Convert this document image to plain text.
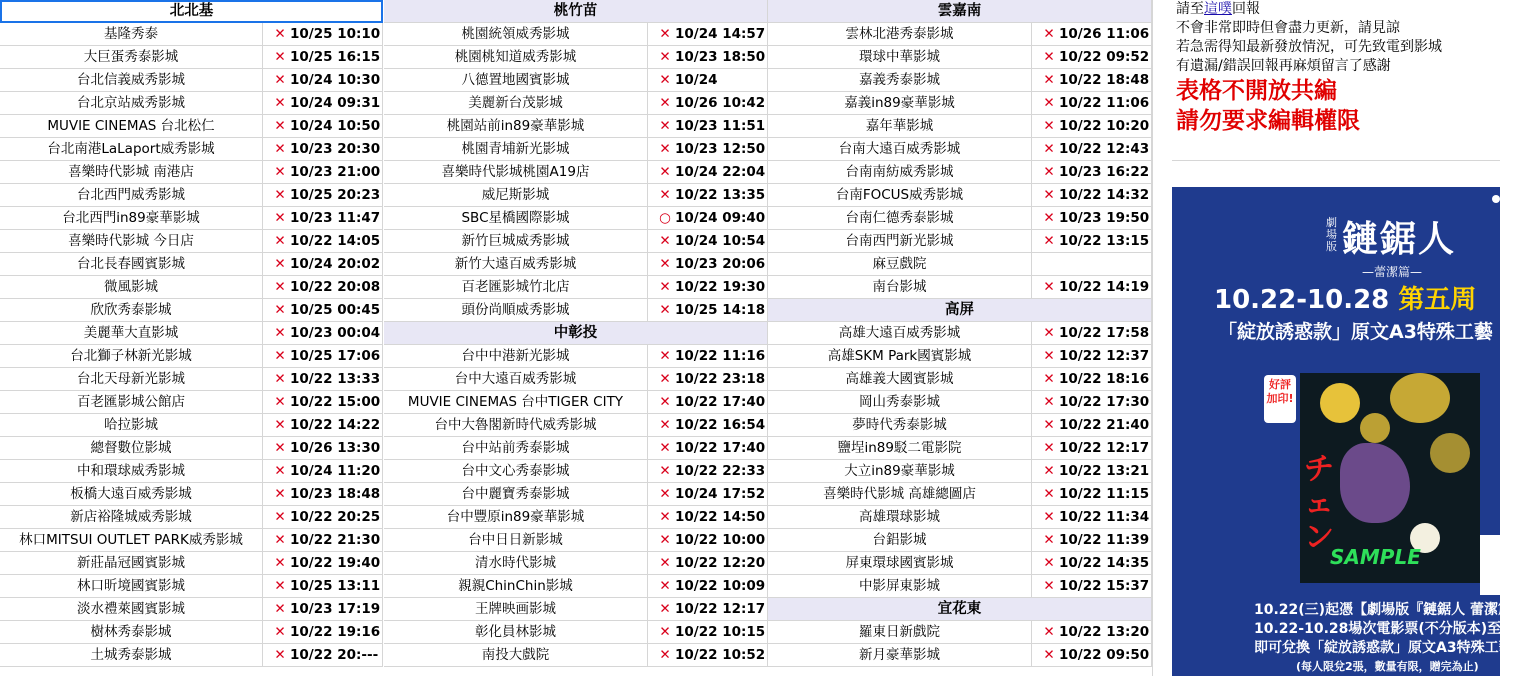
北北基
基隆秀泰	✕ 10/25 10:10
大巨蛋秀泰影城	✕ 10/25 16:15
台北信義威秀影城	✕ 10/24 10:30
台北京站威秀影城	✕ 10/24 09:31
MUVIE CINEMAS 台北松仁	✕ 10/24 10:50
台北南港LaLaport威秀影城	✕ 10/23 20:30
喜樂時代影城 南港店	✕ 10/23 21:00
台北西門威秀影城	✕ 10/25 20:23
台北西門in89豪華影城	✕ 10/23 11:47
喜樂時代影城 今日店	✕ 10/22 14:05
台北長春國賓影城	✕ 10/24 20:02
微風影城	✕ 10/22 20:08
欣欣秀泰影城	✕ 10/25 00:45
美麗華大直影城	✕ 10/23 00:04
台北獅子林新光影城	✕ 10/25 17:06
台北天母新光影城	✕ 10/22 13:33
百老匯影城公館店	✕ 10/22 15:00
哈拉影城	✕ 10/22 14:22
總督數位影城	✕ 10/26 13:30
中和環球威秀影城	✕ 10/24 11:20
板橋大遠百威秀影城	✕ 10/23 18:48
新店裕隆城威秀影城	✕ 10/22 20:25
林口MITSUI OUTLET PARK威秀影城	✕ 10/22 21:30
新莊晶冠國賓影城	✕ 10/22 19:40
林口昕境國賓影城	✕ 10/25 13:11
淡水禮萊國賓影城	✕ 10/23 17:19
樹林秀泰影城	✕ 10/22 19:16
土城秀泰影城	✕ 10/22 20:---
桃竹苗
桃園統領威秀影城	✕ 10/24 14:57
桃園桃知道威秀影城	✕ 10/23 18:50
八德置地國賓影城	✕ 10/24
美麗新台茂影城	✕ 10/26 10:42
桃園站前in89豪華影城	✕ 10/23 11:51
桃園青埔新光影城	✕ 10/23 12:50
喜樂時代影城桃園A19店	✕ 10/24 22:04
威尼斯影城	✕ 10/22 13:35
SBC星橋國際影城	○ 10/24 09:40
新竹巨城威秀影城	✕ 10/24 10:54
新竹大遠百威秀影城	✕ 10/23 20:06
百老匯影城竹北店	✕ 10/22 19:30
頭份尚順威秀影城	✕ 10/25 14:18
中彰投
台中中港新光影城	✕ 10/22 11:16
台中大遠百威秀影城	✕ 10/22 23:18
MUVIE CINEMAS 台中TIGER CITY	✕ 10/22 17:40
台中大魯閣新時代威秀影城	✕ 10/22 16:54
台中站前秀泰影城	✕ 10/22 17:40
台中文心秀泰影城	✕ 10/22 22:33
台中麗寶秀泰影城	✕ 10/24 17:52
台中豐原in89豪華影城	✕ 10/22 14:50
台中日日新影城	✕ 10/22 10:00
清水時代影城	✕ 10/22 12:20
親親ChinChin影城	✕ 10/22 10:09
王牌映画影城	✕ 10/22 12:17
彰化員林影城	✕ 10/22 10:15
南投大戲院	✕ 10/22 10:52
雲嘉南
雲林北港秀泰影城	✕ 10/26 11:06
環球中華影城	✕ 10/22 09:52
嘉義秀泰影城	✕ 10/22 18:48
嘉義in89豪華影城	✕ 10/22 11:06
嘉年華影城	✕ 10/22 10:20
台南大遠百威秀影城	✕ 10/22 12:43
台南南紡威秀影城	✕ 10/23 16:22
台南FOCUS威秀影城	✕ 10/22 14:32
台南仁德秀泰影城	✕ 10/23 19:50
台南西門新光影城	✕ 10/22 13:15
麻豆戲院
南台影城	✕ 10/22 14:19
高屏
高雄大遠百威秀影城	✕ 10/22 17:58
高雄SKM Park國賓影城	✕ 10/22 12:37
高雄義大國賓影城	✕ 10/22 18:16
岡山秀泰影城	✕ 10/22 17:30
夢時代秀泰影城	✕ 10/22 21:40
鹽埕in89駁二電影院	✕ 10/22 12:17
大立in89豪華影城	✕ 10/22 13:21
喜樂時代影城 高雄總圖店	✕ 10/22 11:15
高雄環球影城	✕ 10/22 11:34
台鋁影城	✕ 10/22 11:39
屏東環球國賓影城	✕ 10/22 14:35
中影屏東影城	✕ 10/22 15:37
宜花東
羅東日新戲院	✕ 10/22 13:20
新月豪華影城	✕ 10/22 09:50
請至這噗回報
不會非常即時但會盡力更新，請見諒
若急需得知最新發放情況，可先致電到影城
有遺漏/錯誤回報再麻煩留言了感謝
表格不開放共編
請勿要求編輯權限
劇場版 鏈鋸人
—蕾潔篇—
10.22-10.28 第五周
「綻放誘惑款」原文A3特殊工藝
チェ
ン
SAMPLE
好評加印!
10.22(三)起憑【劇場版『鏈鋸人 蕾潔篇',
10.22-10.28場次電影票(不分版本)至觀影
即可兌換「綻放誘惑款」原文A3特殊工藝海
(每人限兌2張，數量有限，贈完為止)
